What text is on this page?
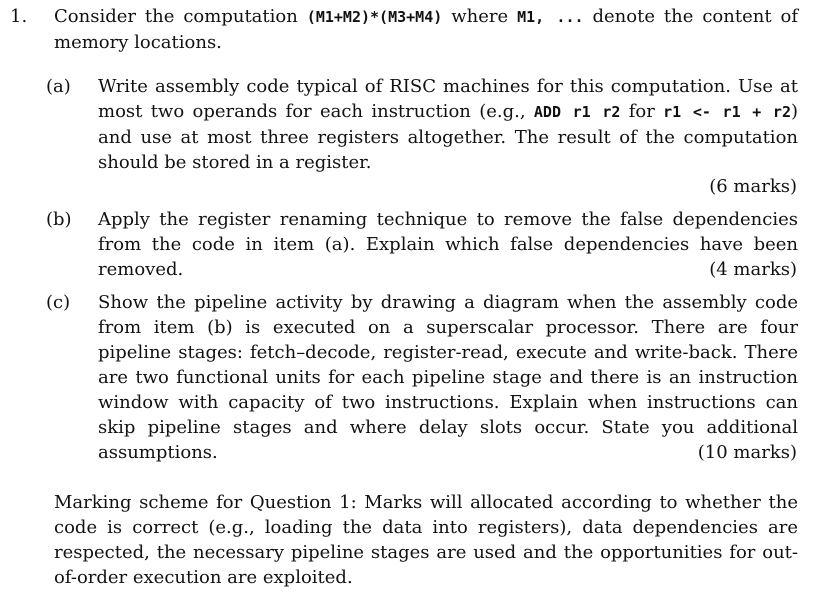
1. Consider the computation (M1+M2)*(M3+M4) where M1, ... denote the content of memory locations.
(a) Write assembly code typical of RISC machines for this computation. Use at most two operands for each instruction (e.g., ADD r1 r2 for r1 <- r1 + r2) and use at most three registers altogether. The result of the computation should be stored in a register.
(6 marks)
(b) Apply the register renaming technique to remove the false dependencies from the code in item (a). Explain which false dependencies have been removed.	(4 marks)
(c) Show the pipeline activity by drawing a diagram when the assembly code from item (b) is executed on a superscalar processor. There are four pipeline stages: fetch–decode, register-read, execute and write-back. There are two functional units for each pipeline stage and there is an instruction window with capacity of two instructions. Explain when instructions can skip pipeline stages and where delay slots occur. State you additional assumptions.	(10 marks)
Marking scheme for Question 1: Marks will allocated according to whether the code is correct (e.g., loading the data into registers), data dependencies are respected, the necessary pipeline stages are used and the opportunities for out-of-order execution are exploited.
